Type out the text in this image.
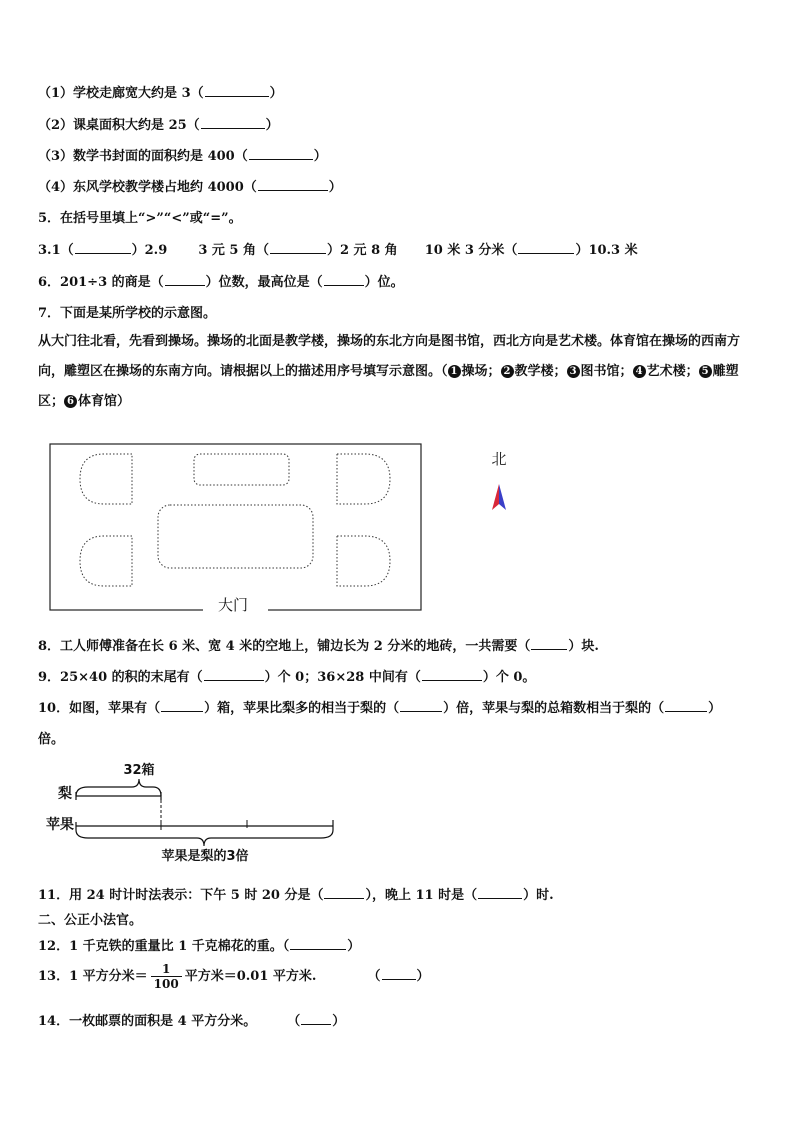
（1）学校走廊宽大约是 3（	）
（2）课桌面积大约是 25（	）
（3）数学书封面的面积约是 400（	）
（4）东风学校教学楼占地约 4000（	）
5．在括号里填上“>”“<”或“=”。
3.1（	）2.9 3 元 5 角（	）2 元 8 角 10 米 3 分米（	）10.3 米
6．201÷3 的商是（	）位数，最高位是（	）位。
7．下面是某所学校的示意图。
从大门往北看，先看到操场。操场的北面是教学楼，操场的东北方向是图书馆，西北方向是艺术楼。体育馆在操场的西南方向，雕塑区在操场的东南方向。请根据以上的描述用序号填写示意图。（ 1 操场； 2 教学楼； 3 图书馆； 4 艺术楼； 5 雕塑区； 6 体育馆）
大门
北
8．工人师傅准备在长 6 米、宽 4 米的空地上，铺边长为 2 分米的地砖，一共需要（	）块.
9．25×40 的积的末尾有（	）个 0；36×28 中间有（	）个 0。
10．如图，苹果有（	）箱，苹果比梨多的相当于梨的（	）倍，苹果与梨的总箱数相当于梨的（	）
倍。
32箱
梨
苹果
苹果是梨的3倍
11．用 24 时计时法表示：下午 5 时 20 分是（	），晚上 11 时是（	）时.
二、公正小法官。
12．1 千克铁的重量比 1 千克棉花的重。（	）
13．1 平方分米＝ $\frac{1}{100}$ 平方米＝0.01 平方米.	（	）
14．一枚邮票的面积是 4 平方分米。 （ ）
